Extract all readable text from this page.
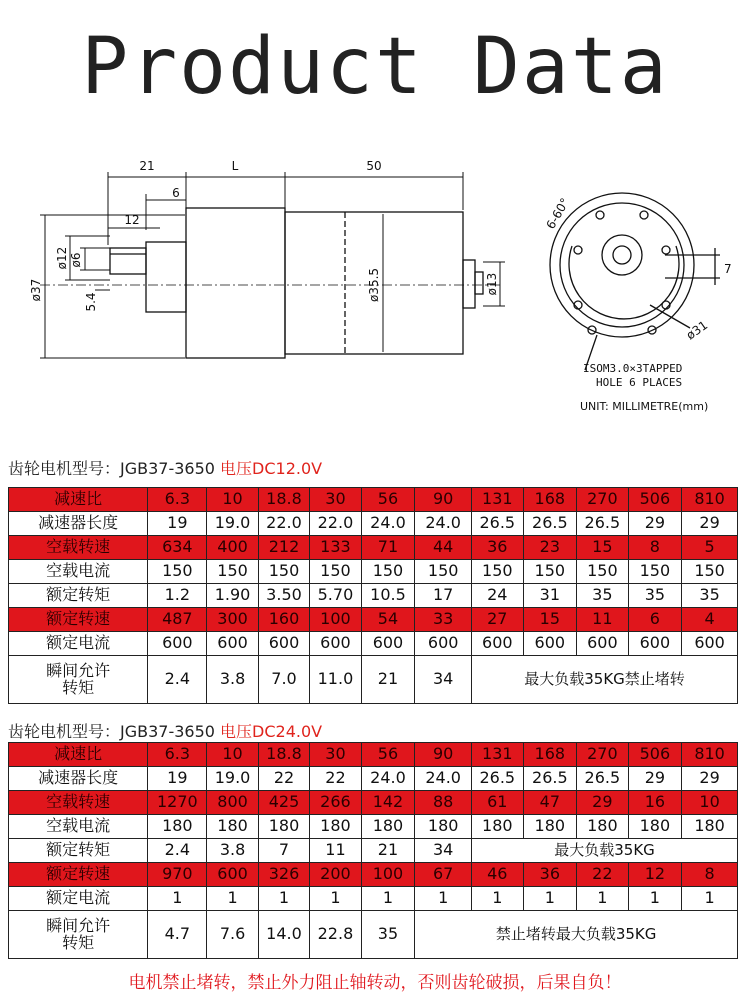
Product Data
21	L	50
6
12
ø37
ø12 ø6
5.4	ø35.5	ø13
6-60°
7
ø31
ISOM3.0×3TAPPED
HOLE 6 PLACES
UNIT: MILLIMETRE(mm)
齿轮电机型号：JGB37-3650 电压DC12.0V
减速比	6.3	10	18.8	30	56	90	131	168	270	506	810
减速器长度	19	19.0	22.0	22.0	24.0	24.0	26.5	26.5	26.5	29	29
空载转速	634	400	212	133	71	44	36	23	15	8	5
空载电流	150	150	150	150	150	150	150	150	150	150	150
额定转矩	1.2	1.90	3.50	5.70	10.5	17	24	31	35	35	35
额定转速	487	300	160	100	54	33	27	15	11	6	4
额定电流	600	600	600	600	600	600	600	600	600	600	600

瞬间允许
转矩	2.4	3.8	7.0	11.0	21	34	最大负载35KG禁止堵转				
齿轮电机型号：JGB37-3650 电压DC24.0V
减速比	6.3	10	18.8	30	56	90	131	168	270	506	810
减速器长度	19	19.0	22	22	24.0	24.0	26.5	26.5	26.5	29	29
空载转速	1270	800	425	266	142	88	61	47	29	16	10
空载电流	180	180	180	180	180	180	180	180	180	180	180
额定转矩	2.4	3.8	7	11	21	34	最大负载35KG				
额定转速	970	600	326	200	100	67	46	36	22	12	8
额定电流	1	1	1	1	1	1	1	1	1	1	1

瞬间允许
转矩	4.7	7.6	14.0	22.8	35	禁止堵转最大负载35KG					
电机禁止堵转，禁止外力阻止轴转动，否则齿轮破损，后果自负！
